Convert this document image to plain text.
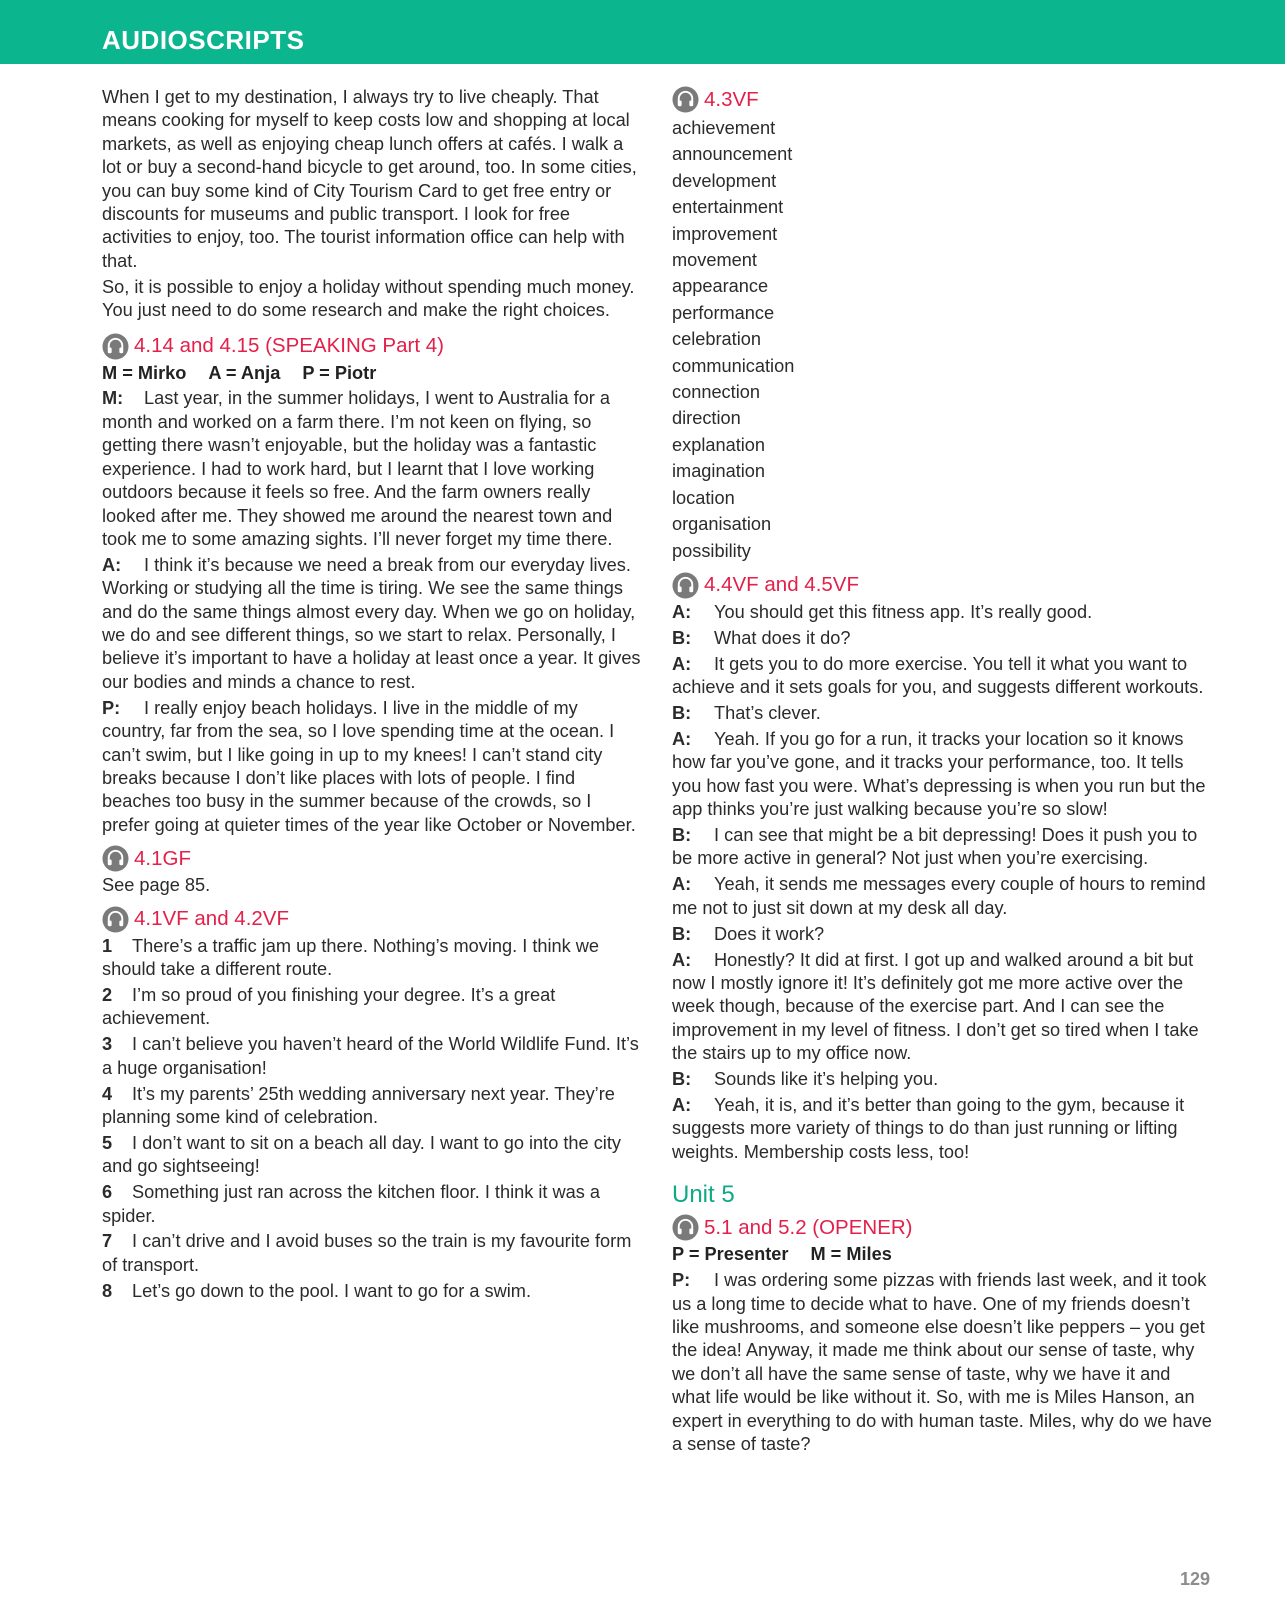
AUDIOSCRIPTS

When I get to my destination, I always try to live cheaply. That means cooking for myself to keep costs low and shopping at local markets, as well as enjoying cheap lunch offers at cafés. I walk a lot or buy a second-hand bicycle to get around, too. In some cities, you can buy some kind of City Tourism Card to get free entry or discounts for museums and public transport. I look for free activities to enjoy, too. The tourist information office can help with that.

So, it is possible to enjoy a holiday without spending much money. You just need to do some research and make the right choices.

4.14 and 4.15 (SPEAKING Part 4)

M = Mirko A = Anja P = Piotr

M: Last year, in the summer holidays, I went to Australia for a month and worked on a farm there. I’m not keen on flying, so getting there wasn’t enjoyable, but the holiday was a fantastic experience. I had to work hard, but I learnt that I love working outdoors because it feels so free. And the farm owners really looked after me. They showed me around the nearest town and took me to some amazing sights. I’ll never forget my time there.

A: I think it’s because we need a break from our everyday lives. Working or studying all the time is tiring. We see the same things and do the same things almost every day. When we go on holiday, we do and see different things, so we start to relax. Personally, I believe it’s important to have a holiday at least once a year. It gives our bodies and minds a chance to rest.

P: I really enjoy beach holidays. I live in the middle of my country, far from the sea, so I love spending time at the ocean. I can’t swim, but I like going in up to my knees! I can’t stand city breaks because I don’t like places with lots of people. I find beaches too busy in the summer because of the crowds, so I prefer going at quieter times of the year like October or November.

4.1GF

See page 85.

4.1VF and 4.2VF

1 There’s a traffic jam up there. Nothing’s moving. I think we should take a different route.

2 I’m so proud of you finishing your degree. It’s a great achievement.

3 I can’t believe you haven’t heard of the World Wildlife Fund. It’s a huge organisation!

4 It’s my parents’ 25th wedding anniversary next year. They’re planning some kind of celebration.

5 I don’t want to sit on a beach all day. I want to go into the city and go sightseeing!

6 Something just ran across the kitchen floor. I think it was a spider.

7 I can’t drive and I avoid buses so the train is my favourite form of transport.

8 Let’s go down to the pool. I want to go for a swim.

4.3VF

achievement

announcement

development

entertainment

improvement

movement

appearance

performance

celebration

communication

connection

direction

explanation

imagination

location

organisation

possibility

4.4VF and 4.5VF

A: You should get this fitness app. It’s really good.

B: What does it do?

A: It gets you to do more exercise. You tell it what you want to achieve and it sets goals for you, and suggests different workouts.

B: That’s clever.

A: Yeah. If you go for a run, it tracks your location so it knows how far you’ve gone, and it tracks your performance, too. It tells you how fast you were. What’s depressing is when you run but the app thinks you’re just walking because you’re so slow!

B: I can see that might be a bit depressing! Does it push you to be more active in general? Not just when you’re exercising.

A: Yeah, it sends me messages every couple of hours to remind me not to just sit down at my desk all day.

B: Does it work?

A: Honestly? It did at first. I got up and walked around a bit but now I mostly ignore it! It’s definitely got me more active over the week though, because of the exercise part. And I can see the improvement in my level of fitness. I don’t get so tired when I take the stairs up to my office now.

B: Sounds like it’s helping you.

A: Yeah, it is, and it’s better than going to the gym, because it suggests more variety of things to do than just running or lifting weights. Membership costs less, too!

Unit 5
5.1 and 5.2 (OPENER)

P = Presenter M = Miles

P: I was ordering some pizzas with friends last week, and it took us a long time to decide what to have. One of my friends doesn’t like mushrooms, and someone else doesn’t like peppers – you get the idea! Anyway, it made me think about our sense of taste, why we don’t all have the same sense of taste, why we have it and what life would be like without it. So, with me is Miles Hanson, an expert in everything to do with human taste. Miles, why do we have a sense of taste?

129
